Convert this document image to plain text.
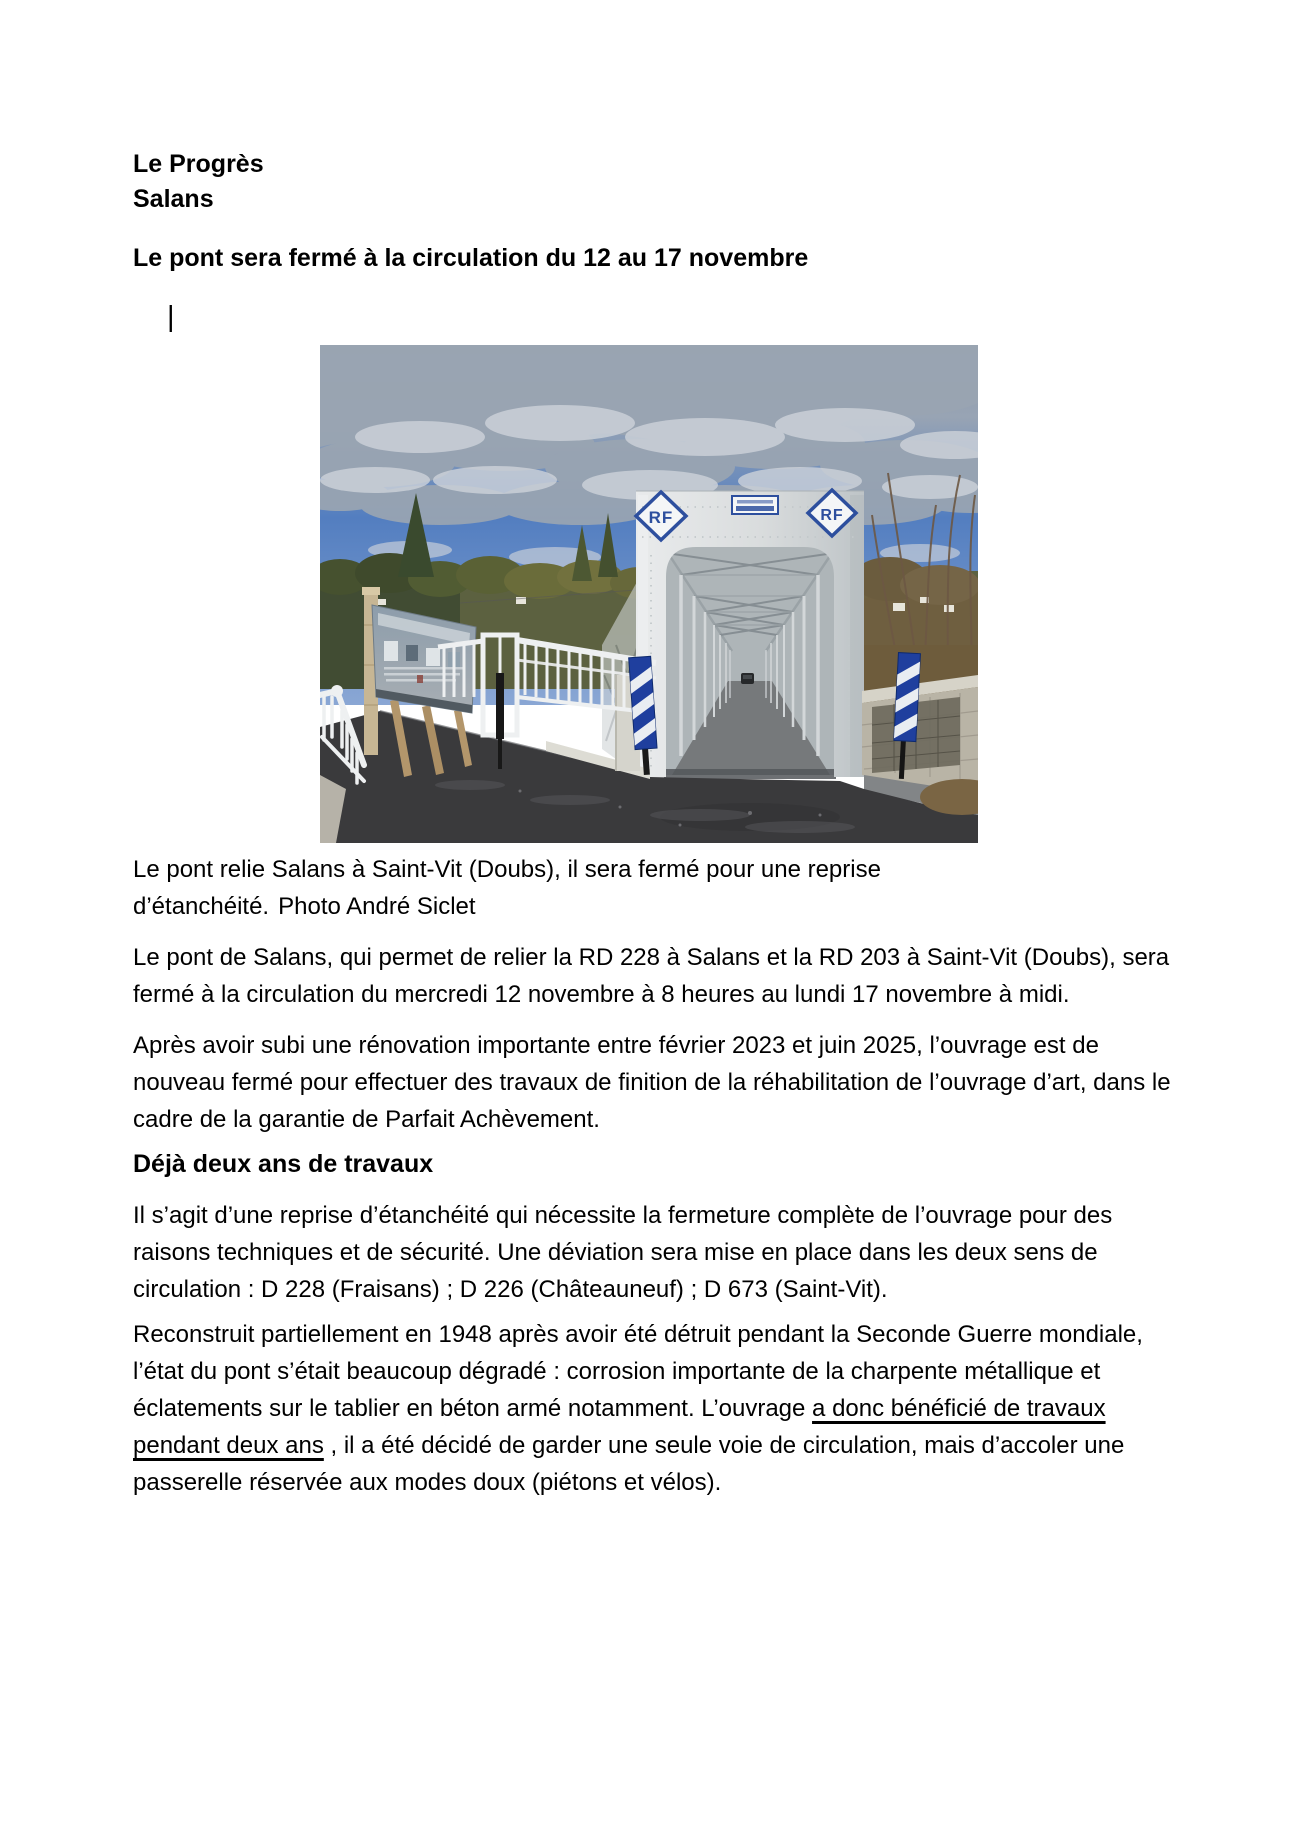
Le Progrès
Salans
Le pont sera fermé à la circulation du 12 au 17 novembre
|
RF	RF

Le pont relie Salans à Saint-Vit (Doubs), il sera fermé pour une reprise d’étanchéité. Photo André Siclet

Le pont de Salans, qui permet de relier la RD 228 à Salans et la RD 203 à Saint-Vit (Doubs), sera fermé à la circulation du mercredi 12 novembre à 8 heures au lundi 17 novembre à midi.

Après avoir subi une rénovation importante entre février 2023 et juin 2025, l’ouvrage est de nouveau fermé pour effectuer des travaux de finition de la réhabilitation de l’ouvrage d’art, dans le cadre de la garantie de Parfait Achèvement.

Déjà deux ans de travaux

Il s’agit d’une reprise d’étanchéité qui nécessite la fermeture complète de l’ouvrage pour des raisons techniques et de sécurité. Une déviation sera mise en place dans les deux sens de circulation : D 228 (Fraisans) ; D 226 (Châteauneuf) ; D 673 (Saint-Vit).

Reconstruit partiellement en 1948 après avoir été détruit pendant la Seconde Guerre mondiale, l’état du pont s’était beaucoup dégradé : corrosion importante de la charpente métallique et éclatements sur le tablier en béton armé notamment. L’ouvrage a donc bénéficié de travaux pendant deux ans , il a été décidé de garder une seule voie de circulation, mais d’accoler une passerelle réservée aux modes doux (piétons et vélos).
